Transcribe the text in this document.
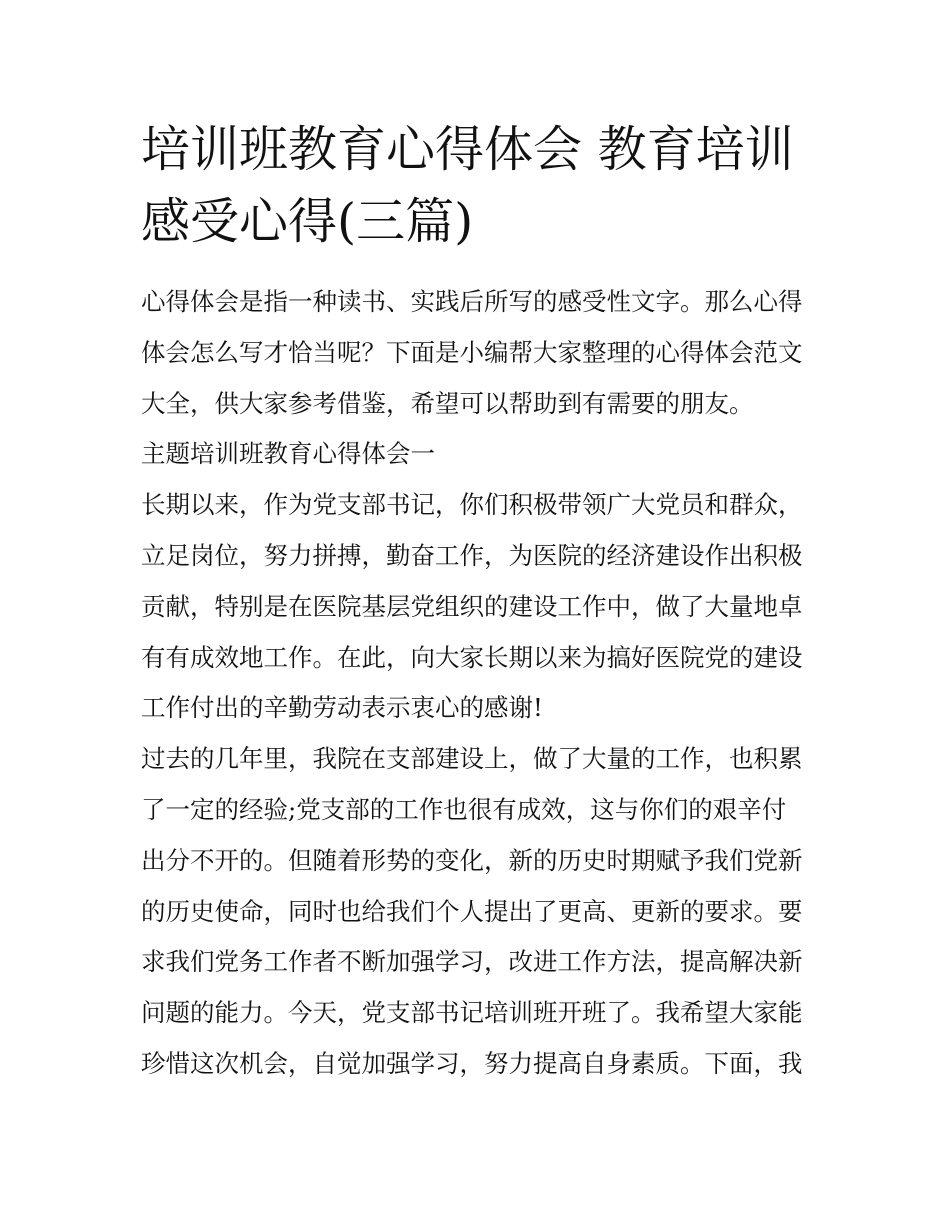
培训班教育心得体会 教育培训
感受心得(三篇)
心得体会是指一种读书、实践后所写的感受性文字。那么心得
体会怎么写才恰当呢？下面是小编帮大家整理的心得体会范文
大全，供大家参考借鉴，希望可以帮助到有需要的朋友。
主题培训班教育心得体会一
长期以来，作为党支部书记，你们积极带领广大党员和群众，
立足岗位，努力拼搏，勤奋工作，为医院的经济建设作出积极
贡献，特别是在医院基层党组织的建设工作中，做了大量地卓
有有成效地工作。在此，向大家长期以来为搞好医院党的建设
工作付出的辛勤劳动表示衷心的感谢!
过去的几年里，我院在支部建设上，做了大量的工作，也积累
了一定的经验;党支部的工作也很有成效，这与你们的艰辛付
出分不开的。但随着形势的变化，新的历史时期赋予我们党新
的历史使命，同时也给我们个人提出了更高、更新的要求。要
求我们党务工作者不断加强学习，改进工作方法，提高解决新
问题的能力。今天，党支部书记培训班开班了。我希望大家能
珍惜这次机会，自觉加强学习，努力提高自身素质。下面，我
